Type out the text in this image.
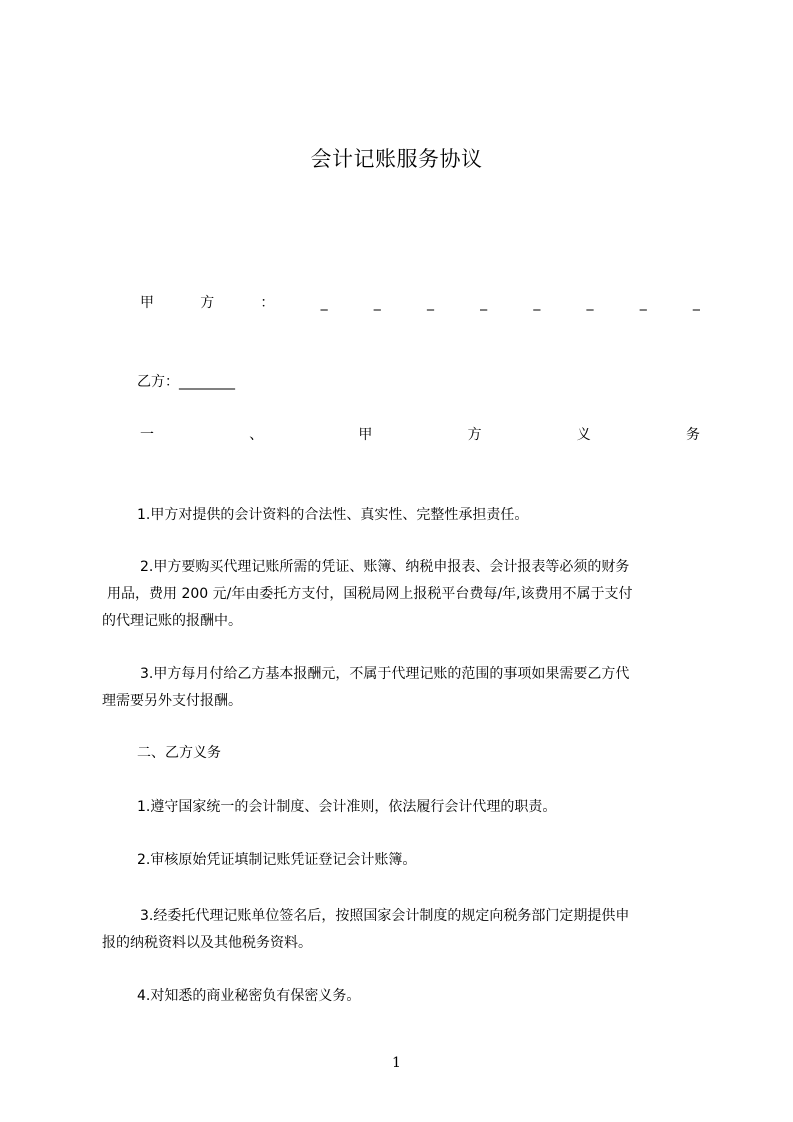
会计记账服务协议
甲	方	：	_	_	_	_	_	_	_	_
乙方：________
一	、	甲	方	义	务
1.甲方对提供的会计资料的合法性、真实性、完整性承担责任。
2.甲方要购买代理记账所需的凭证、账簿、纳税申报表、会计报表等必须的财务
用品，费用 200 元/年由委托方支付，国税局网上报税平台费每/年,该费用不属于支付
的代理记账的报酬中。
3.甲方每月付给乙方基本报酬元，不属于代理记账的范围的事项如果需要乙方代
理需要另外支付报酬。
二、乙方义务
1.遵守国家统一的会计制度、会计准则，依法履行会计代理的职责。
2.审核原始凭证填制记账凭证登记会计账簿。
3.经委托代理记账单位签名后，按照国家会计制度的规定向税务部门定期提供申
报的纳税资料以及其他税务资料。
4.对知悉的商业秘密负有保密义务。
1
